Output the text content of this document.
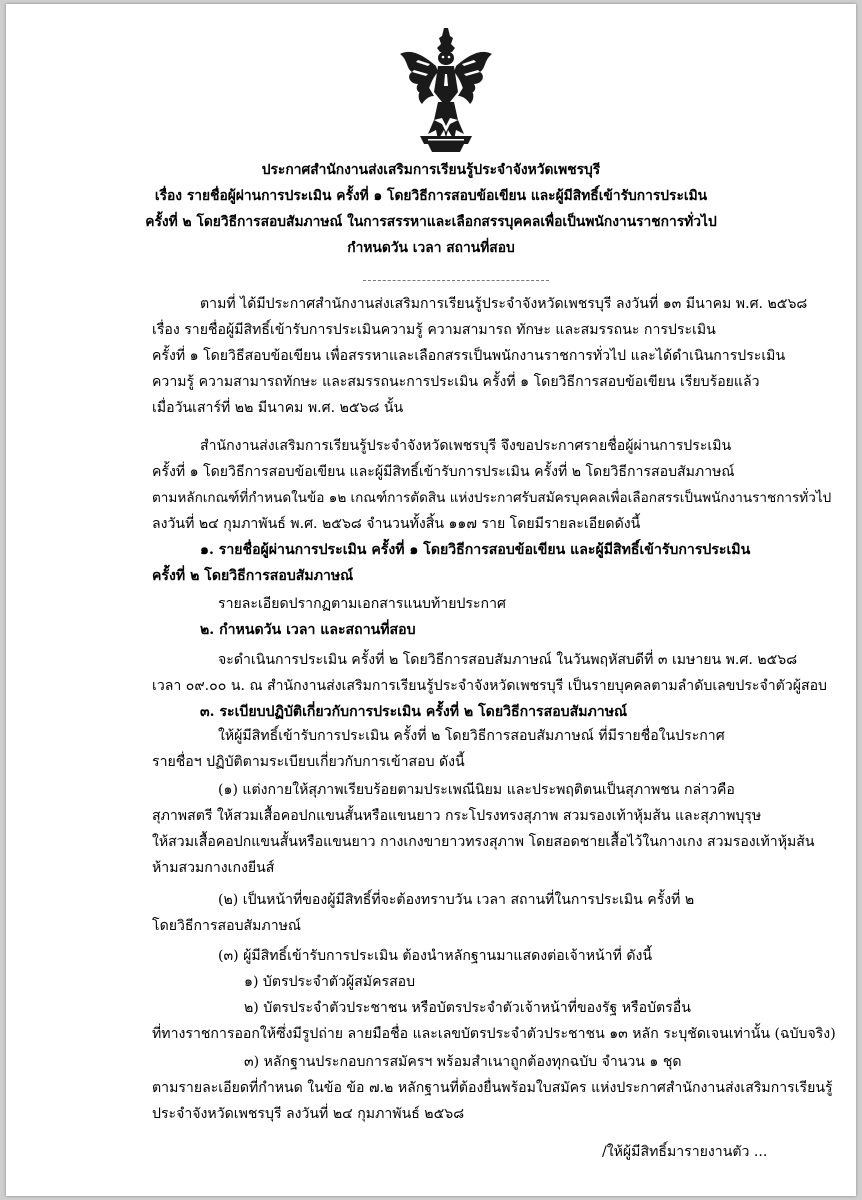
ประกาศสำนักงานส่งเสริมการเรียนรู้ประจำจังหวัดเพชรบุรี
เรื่อง รายชื่อผู้ผ่านการประเมิน ครั้งที่ ๑ โดยวิธีการสอบข้อเขียน และผู้มีสิทธิ์เข้ารับการประเมิน
ครั้งที่ ๒ โดยวิธีการสอบสัมภาษณ์ ในการสรรหาและเลือกสรรบุคคลเพื่อเป็นพนักงานราชการทั่วไป
กำหนดวัน เวลา สถานที่สอบ
ตามที่ ได้มีประกาศสำนักงานส่งเสริมการเรียนรู้ประจำจังหวัดเพชรบุรี ลงวันที่ ๑๓ มีนาคม พ.ศ. ๒๕๖๘
เรื่อง รายชื่อผู้มีสิทธิ์เข้ารับการประเมินความรู้ ความสามารถ ทักษะ และสมรรถนะ การประเมิน
ครั้งที่ ๑ โดยวิธีสอบข้อเขียน เพื่อสรรหาและเลือกสรรเป็นพนักงานราชการทั่วไป และได้ดำเนินการประเมิน
ความรู้ ความสามารถทักษะ และสมรรถนะการประเมิน ครั้งที่ ๑ โดยวิธีการสอบข้อเขียน เรียบร้อยแล้ว
เมื่อวันเสาร์ที่ ๒๒ มีนาคม พ.ศ. ๒๕๖๘ นั้น
สำนักงานส่งเสริมการเรียนรู้ประจำจังหวัดเพชรบุรี จึงขอประกาศรายชื่อผู้ผ่านการประเมิน
ครั้งที่ ๑ โดยวิธีการสอบข้อเขียน และผู้มีสิทธิ์เข้ารับการประเมิน ครั้งที่ ๒ โดยวิธีการสอบสัมภาษณ์
ตามหลักเกณฑ์ที่กำหนดในข้อ ๑๒ เกณฑ์การตัดสิน แห่งประกาศรับสมัครบุคคลเพื่อเลือกสรรเป็นพนักงานราชการทั่วไป
ลงวันที่ ๒๔ กุมภาพันธ์ พ.ศ. ๒๕๖๘ จำนวนทั้งสิ้น ๑๑๗ ราย โดยมีรายละเอียดดังนี้
๑. รายชื่อผู้ผ่านการประเมิน ครั้งที่ ๑ โดยวิธีการสอบข้อเขียน และผู้มีสิทธิ์เข้ารับการประเมิน
ครั้งที่ ๒ โดยวิธีการสอบสัมภาษณ์
รายละเอียดปรากฏตามเอกสารแนบท้ายประกาศ
๒. กำหนดวัน เวลา และสถานที่สอบ
จะดำเนินการประเมิน ครั้งที่ ๒ โดยวิธีการสอบสัมภาษณ์ ในวันพฤหัสบดีที่ ๓ เมษายน พ.ศ. ๒๕๖๘
เวลา ๐๙.๐๐ น. ณ สำนักงานส่งเสริมการเรียนรู้ประจำจังหวัดเพชรบุรี เป็นรายบุคคลตามลำดับเลขประจำตัวผู้สอบ
๓. ระเบียบปฏิบัติเกี่ยวกับการประเมิน ครั้งที่ ๒ โดยวิธีการสอบสัมภาษณ์
ให้ผู้มีสิทธิ์เข้ารับการประเมิน ครั้งที่ ๒ โดยวิธีการสอบสัมภาษณ์ ที่มีรายชื่อในประกาศ
รายชื่อฯ ปฏิบัติตามระเบียบเกี่ยวกับการเข้าสอบ ดังนี้
(๑) แต่งกายให้สุภาพเรียบร้อยตามประเพณีนิยม และประพฤติตนเป็นสุภาพชน กล่าวคือ
สุภาพสตรี ให้สวมเสื้อคอปกแขนสั้นหรือแขนยาว กระโปรงทรงสุภาพ สวมรองเท้าหุ้มส้น และสุภาพบุรุษ
ให้สวมเสื้อคอปกแขนสั้นหรือแขนยาว กางเกงขายาวทรงสุภาพ โดยสอดชายเสื้อไว้ในกางเกง สวมรองเท้าหุ้มส้น
ห้ามสวมกางเกงยีนส์
(๒) เป็นหน้าที่ของผู้มีสิทธิ์ที่จะต้องทราบวัน เวลา สถานที่ในการประเมิน ครั้งที่ ๒
โดยวิธีการสอบสัมภาษณ์
(๓) ผู้มีสิทธิ์เข้ารับการประเมิน ต้องนำหลักฐานมาแสดงต่อเจ้าหน้าที่ ดังนี้
๑) บัตรประจำตัวผู้สมัครสอบ
๒) บัตรประจำตัวประชาชน หรือบัตรประจำตัวเจ้าหน้าที่ของรัฐ หรือบัตรอื่น
ที่ทางราชการออกให้ซึ่งมีรูปถ่าย ลายมือชื่อ และเลขบัตรประจำตัวประชาชน ๑๓ หลัก ระบุชัดเจนเท่านั้น (ฉบับจริง)
๓) หลักฐานประกอบการสมัครฯ พร้อมสำเนาถูกต้องทุกฉบับ จำนวน ๑ ชุด
ตามรายละเอียดที่กำหนด ในข้อ ข้อ ๗.๒ หลักฐานที่ต้องยื่นพร้อมใบสมัคร แห่งประกาศสำนักงานส่งเสริมการเรียนรู้
ประจำจังหวัดเพชรบุรี ลงวันที่ ๒๔ กุมภาพันธ์ ๒๕๖๘
/ให้ผู้มีสิทธิ์มารายงานตัว ...
